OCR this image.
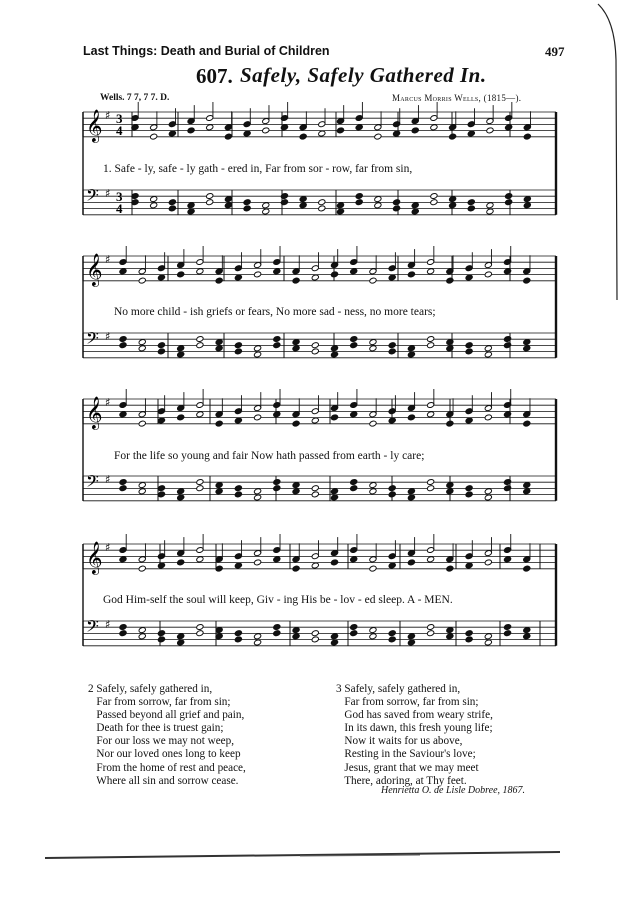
Last Things: Death and Burial of Children	497
607. Safely, Safely Gathered In.
Wells. 7 7, 7 7. D.	Marcus Morris Wells, (1815—).
𝄞 ♯
𝄢 ♯
3
3
4
4
𝄞 ♯
𝄢 ♯
𝄞 ♯
𝄢 ♯
𝄞 ♯
𝄢 ♯
1. Safe - ly, safe - ly gath - ered in, Far from sor - row, far from sin,
No more child - ish griefs or fears, No more sad - ness, no more tears;
For the life so young and fair Now hath passed from earth - ly care;
God Him-self the soul will keep, Giv - ing His be - lov - ed sleep. A - MEN.
2 Safely, safely gathered in,
Far from sorrow, far from sin;
Passed beyond all grief and pain,
Death for thee is truest gain;
For our loss we may not weep,
Nor our loved ones long to keep
From the home of rest and peace,
Where all sin and sorrow cease.
3 Safely, safely gathered in,
Far from sorrow, far from sin;
God has saved from weary strife,
In its dawn, this fresh young life;
Now it waits for us above,
Resting in the Saviour's love;
Jesus, grant that we may meet
There, adoring, at Thy feet.
Henrietta O. de Lisle Dobree, 1867.
